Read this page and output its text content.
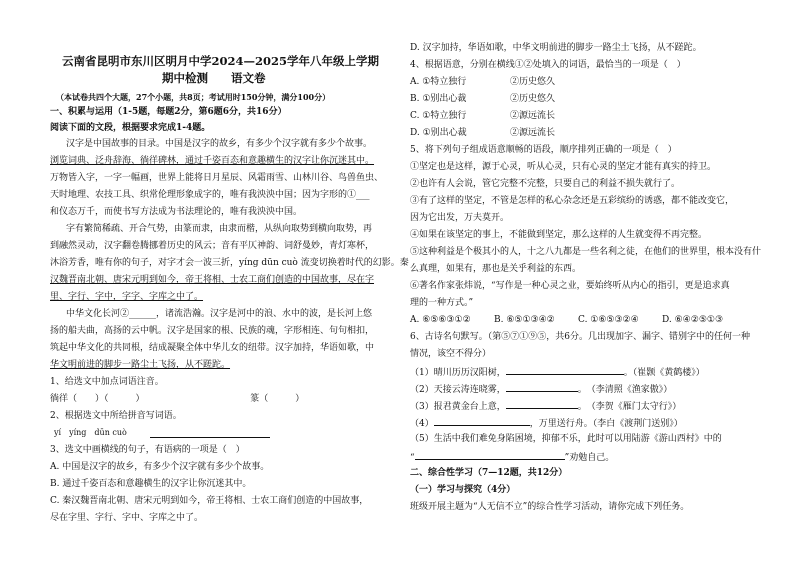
云南省昆明市东川区明月中学2024—2025学年八年级上学期
期中检测　　语文卷
（本试卷共四个大题，27个小题，共8页；考试用时150分钟，满分100分）
一、积累与运用（1-5题，每题2分，第6题6分，共16分）
阅读下面的文段，根据要求完成1-4题。
汉字是中国故事的目录。中国是汉字的故乡，有多少个汉字就有多少个故事。
浏览词典、泛舟辞海、徜徉碑林，通过千姿百态和意趣横生的汉字让你沉迷其中。
万物皆入字，一字一幅画，世界上能将日月星辰、风霜雨雪、山林川谷、鸟兽鱼虫、
天时地理、农技工具、织常伦理形象成字的，唯有我泱泱中国；因为字形的①___
和仪态万千，而使书写方法成为书法理论的，唯有我泱泱中国。
字有繁简稀疏、开合气势，由篆而隶，由隶而楷，从纵向取势到横向取势，再
到融然灵动，汉字翻卷腾挪着历史的风云；音有平仄神韵、词舒曼妙，青灯寒杯，
沐浴芳香，唯有你的句子，对字才会一波三折，yíng dūn cuò 流变切换着时代的幻影。秦
汉魏晋南北朝、唐宋元明到如今，帝王将相、士农工商们创造的中国故事，尽在字
里、字行、字中，字字、字库之中了。
中华文化长河②______，诸流浩瀚。汉字是河中的浪、水中的波，是长河上悠
扬的船夫曲，高扬的云中帆。汉字是国家的根、民族的魂，字形相连、句句相扣，
筑起中华文化的共同根，结成凝聚全体中华儿女的纽带。汉字加持，华语如歌，中
华文明前进的脚步一路尘土飞扬，从不蹉跎。
1、给选文中加点词语注音。
徜徉（　　）（　　　）	篆（　　　）
2、根据选文中所给拼音写词语。
yí　yíng　dūn cuò
3、选文中画横线的句子，有语病的一项是（　）
A. 中国是汉字的故乡，有多少个汉字就有多少个故事。
B. 通过千姿百态和意趣横生的汉字让你沉迷其中。
C. 秦汉魏晋南北朝、唐宋元明到如今，帝王将相、士农工商们创造的中国故事，
尽在字里、字行、字中、字库之中了。
D. 汉字加持，华语如歌，中华文明前进的脚步一路尘土飞扬，从不蹉跎。
4、根据语意，分别在横线①②处填入的词语，最恰当的一项是（　）
A. ①特立独行	②历史悠久
B. ①别出心裁	②历史悠久
C. ①特立独行	②源远流长
D. ①别出心裁	②源远流长
5、将下列句子组成语意顺畅的语段，顺序排列正确的一项是（　）
①坚定也是这样，源于心灵，听从心灵，只有心灵的坚定才能有真实的持卫。
②也许有人会说，管它完整不完整，只要自己的利益不损失就行了。
③有了这样的坚定，不管是怎样的私心杂念还是五彩缤纷的诱惑，都不能改变它，
因为它出发，万夫莫开。
④如果在该坚定的事上，不能做到坚定，那么这样的人生就变得不再完整。
⑤这种利益是个极其小的人，十之八九都是一些名利之徒，在他们的世界里，根本没有什
么真理，如果有，那也是关乎利益的东西。
⑥著名作家张炜说，“写作是一种心灵之业，要始终听从内心的指引，更是追求真
理的一种方式。”
A. ⑥⑤⑥③①②	B. ⑥⑤①③④②	C. ①⑥⑤③②④	D. ⑥④②⑤①③
6、古诗名句默写。（第⑤⑦①⑨⑤，共6分。几出现加字、漏字、错别字中的任何一种
情况，该空不得分）
（1）晴川历历汉阳树，	。（崔颢《黄鹤楼》）
（2）天接云涛连晓雾，	。　（李清照《渔家傲》）
（3）报君黄金台上意，	。　（李贺《雁门太守行》）
（4）	，万里送行舟。（李白《渡荆门送别》）
（5）生活中我们难免身陷困境，抑郁不乐，此时可以用陆游《游山西村》中的
“	”劝勉自己。
二、综合性学习（7—12题，共12分）
（一）学习与探究（4分）
班级开展主题为“人无信不立”的综合性学习活动，请你完成下列任务。
